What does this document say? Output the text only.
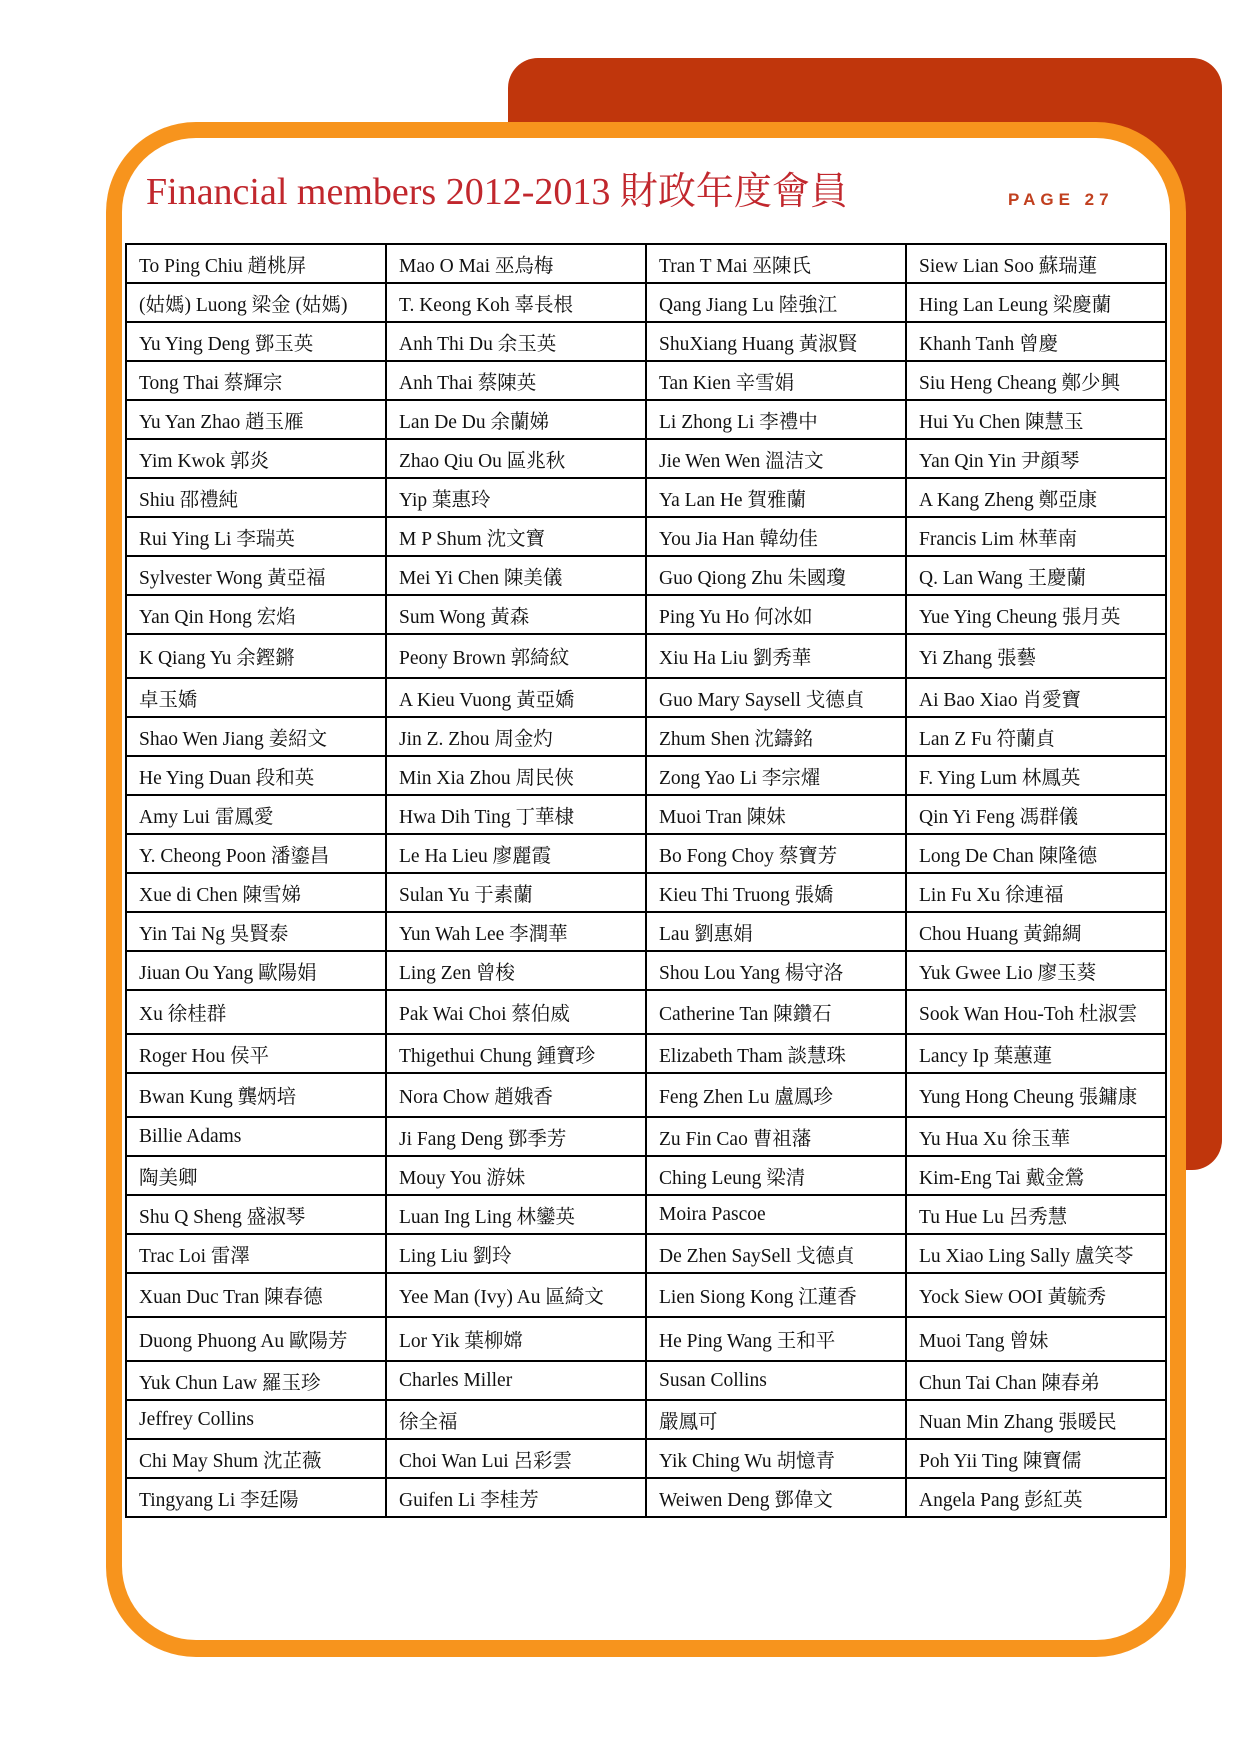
Financial members 2012-2013 財政年度會員	PAGE 27
To Ping Chiu 趙桃屏	Mao O Mai 巫烏梅	Tran T Mai 巫陳氏	Siew Lian Soo 蘇瑞蓮
(姑媽) Luong 梁金 (姑媽)	T. Keong Koh 辜長根	Qang Jiang Lu 陸強江	Hing Lan Leung 梁慶蘭
Yu Ying Deng 鄧玉英	Anh Thi Du 余玉英	ShuXiang Huang 黃淑賢	Khanh Tanh 曾慶
Tong Thai 蔡輝宗	Anh Thai 蔡陳英	Tan Kien 辛雪娟	Siu Heng Cheang 鄭少興
Yu Yan Zhao 趙玉雁	Lan De Du 余蘭娣	Li Zhong Li 李禮中	Hui Yu Chen 陳慧玉
Yim Kwok 郭炎	Zhao Qiu Ou 區兆秋	Jie Wen Wen 溫洁文	Yan Qin Yin 尹顔琴
Shiu 邵禮純	Yip 葉惠玲	Ya Lan He 賀雅蘭	A Kang Zheng 鄭亞康
Rui Ying Li 李瑞英	M P Shum 沈文寶	You Jia Han 韓幼佳	Francis Lim 林華南
Sylvester Wong 黃亞福	Mei Yi Chen 陳美儀	Guo Qiong Zhu 朱國瓊	Q. Lan Wang 王慶蘭
Yan Qin Hong 宏焰	Sum Wong 黃森	Ping Yu Ho 何冰如	Yue Ying Cheung 張月英
K Qiang Yu 余鏗鏘	Peony Brown 郭綺紋	Xiu Ha Liu 劉秀華	Yi Zhang 張藝
卓玉嬌	A Kieu Vuong 黃亞嬌	Guo Mary Saysell 戈德貞	Ai Bao Xiao 肖愛寶
Shao Wen Jiang 姜紹文	Jin Z. Zhou 周金灼	Zhum Shen 沈鑄銘	Lan Z Fu 符蘭貞
He Ying Duan 段和英	Min Xia Zhou 周民俠	Zong Yao Li 李宗燿	F. Ying Lum 林鳳英
Amy Lui 雷鳳愛	Hwa Dih Ting 丁華棣	Muoi Tran 陳妹	Qin Yi Feng 馮群儀
Y. Cheong Poon 潘鎏昌	Le Ha Lieu 廖麗霞	Bo Fong Choy 蔡寶芳	Long De Chan 陳隆德
Xue di Chen 陳雪娣	Sulan Yu 于素蘭	Kieu Thi Truong 張嬌	Lin Fu Xu 徐連福
Yin Tai Ng 吳賢泰	Yun Wah Lee 李潤華	Lau 劉惠娟	Chou Huang 黃錦綢
Jiuan Ou Yang 歐陽娟	Ling Zen 曾梭	Shou Lou Yang 楊守洛	Yuk Gwee Lio 廖玉葵
Xu 徐桂群	Pak Wai Choi 蔡伯威	Catherine Tan 陳鑽石	Sook Wan Hou-Toh 杜淑雲
Roger Hou 侯平	Thigethui Chung 鍾寶珍	Elizabeth Tham 談慧珠	Lancy Ip 葉蕙蓮
Bwan Kung 龔炳培	Nora Chow 趙娥香	Feng Zhen Lu 盧鳳珍	Yung Hong Cheung 張鏞康
Billie Adams	Ji Fang Deng 鄧季芳	Zu Fin Cao 曹祖藩	Yu Hua Xu 徐玉華
陶美卿	Mouy You 游妹	Ching Leung 梁清	Kim-Eng Tai 戴金鶯
Shu Q Sheng 盛淑琴	Luan Ing Ling 林鑾英	Moira Pascoe	Tu Hue Lu 呂秀慧
Trac Loi 雷澤	Ling Liu 劉玲	De Zhen SaySell 戈德貞	Lu Xiao Ling Sally 盧笑苓
Xuan Duc Tran 陳春德	Yee Man (Ivy) Au 區綺文	Lien Siong Kong 江蓮香	Yock Siew OOI 黃毓秀
Duong Phuong Au 歐陽芳	Lor Yik 葉柳嫦	He Ping Wang 王和平	Muoi Tang 曾妹
Yuk Chun Law 羅玉珍	Charles Miller	Susan Collins	Chun Tai Chan 陳春弟
Jeffrey Collins	徐全福	嚴鳳可	Nuan Min Zhang 張暖民
Chi May Shum 沈芷薇	Choi Wan Lui 呂彩雲	Yik Ching Wu 胡憶青	Poh Yii Ting 陳寶儒
Tingyang Li 李廷陽	Guifen Li 李桂芳	Weiwen Deng 鄧偉文	Angela Pang 彭紅英
